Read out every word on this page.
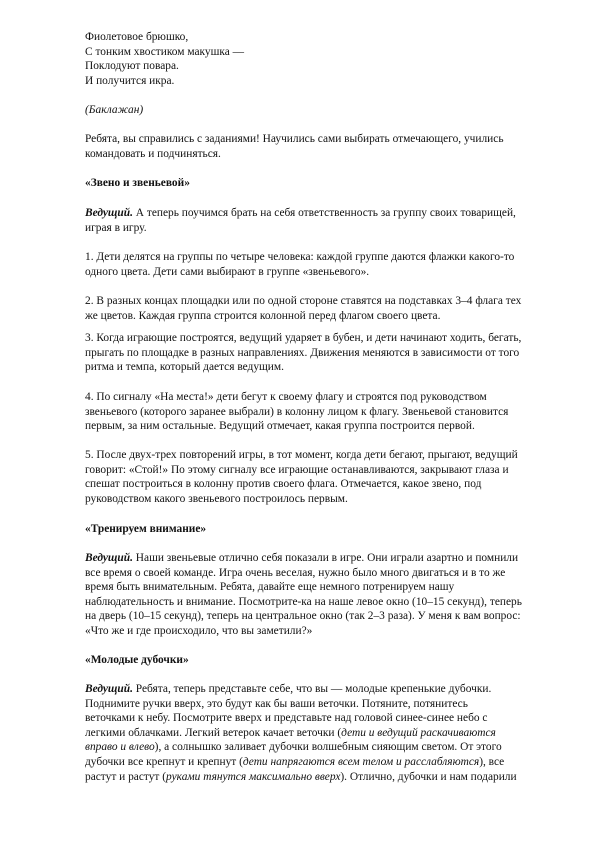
Фиолетовое брюшко,
С тонким хвостиком макушка —
Поклодуют повара.
И получится икра.
(Баклажан)
Ребята, вы справились с заданиями! Научились сами выбирать отмечающего, учились
командовать и подчиняться.
«Звено и звеньевой»
Ведущий. А теперь поучимся брать на себя ответственность за группу своих товарищей,
играя в игру.
1. Дети делятся на группы по четыре человека: каждой группе даются флажки какого-то
одного цвета. Дети сами выбирают в группе «звеньевого».
2. В разных концах площадки или по одной стороне ставятся на подставках 3–4 флага тех
же цветов. Каждая группа строится колонной перед флагом своего цвета.
3. Когда играющие построятся, ведущий ударяет в бубен, и дети начинают ходить, бегать,
прыгать по площадке в разных направлениях. Движения меняются в зависимости от того
ритма и темпа, который дается ведущим.
4. По сигналу «На места!» дети бегут к своему флагу и строятся под руководством
звеньевого (которого заранее выбрали) в колонну лицом к флагу. Звеньевой становится
первым, за ним остальные. Ведущий отмечает, какая группа построится первой.
5. После двух-трех повторений игры, в тот момент, когда дети бегают, прыгают, ведущий
говорит: «Стой!» По этому сигналу все играющие останавливаются, закрывают глаза и
спешат построиться в колонну против своего флага. Отмечается, какое звено, под
руководством какого звеньевого построилось первым.
«Тренируем внимание»
Ведущий. Наши звеньевые отлично себя показали в игре. Они играли азартно и помнили
все время о своей команде. Игра очень веселая, нужно было много двигаться и в то же
время быть внимательным. Ребята, давайте еще немного потренируем нашу
наблюдательность и внимание. Посмотрите-ка на наше левое окно (10–15 секунд), теперь
на дверь (10–15 секунд), теперь на центральное окно (так 2–3 раза). У меня к вам вопрос:
«Что же и где происходило, что вы заметили?»
«Молодые дубочки»
Ведущий. Ребята, теперь представьте себе, что вы — молодые крепенькие дубочки.
Поднимите ручки вверх, это будут как бы ваши веточки. Потяните, потянитесь
веточками к небу. Посмотрите вверх и представьте над головой синее-синее небо с
легкими облачками. Легкий ветерок качает веточки (дети и ведущий раскачиваются
вправо и влево), а солнышко заливает дубочки волшебным сияющим светом. От этого
дубочки все крепнут и крепнут (дети напрягаются всем телом и расслабляются), все
растут и растут (руками тянутся максимально вверх). Отлично, дубочки и нам подарили
